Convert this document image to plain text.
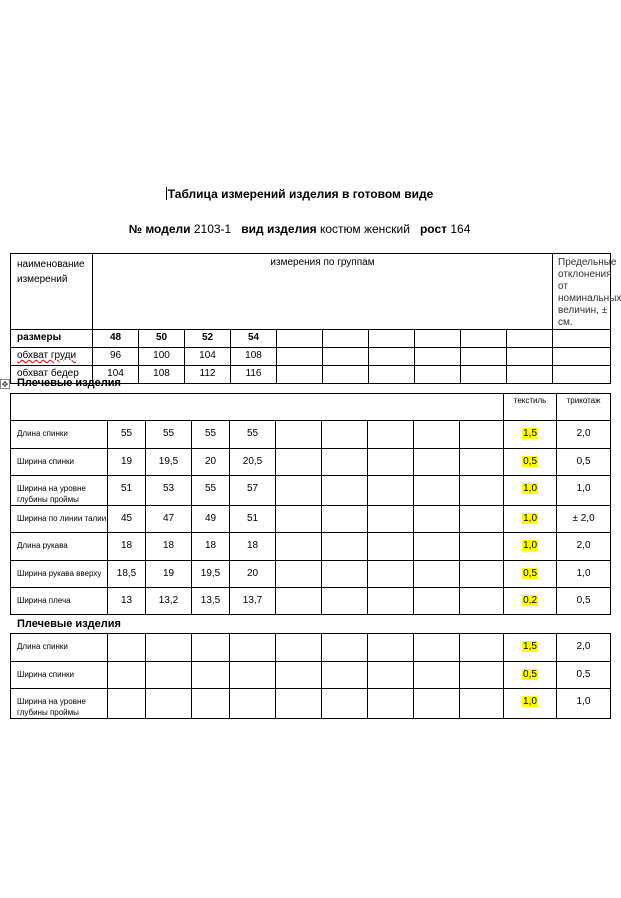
Таблица измерений изделия в готовом виде
№ модели 2103-1 вид изделия костюм женский рост 164
наименование измерений	измерения по группам										Предельные отклонения от номинальных величин, ± см.
размеры	48	50	52	54							
обхват груди	96	100	104	108							
обхват бедер	104	108	112	116							
✥ Плечевые изделия
										текстиль	трикотаж
Длина спинки	55	55	55	55						1,5	2,0
Ширина спинки	19	19,5	20	20,5						0,5	0,5
Ширина на уровне глубины проймы	51	53	55	57						1,0	1,0
Ширина по линии талии	45	47	49	51						1,0	± 2,0
Длина рукава	18	18	18	18						1,0	2,0
Ширина рукава вверху	18,5	19	19,5	20						0,5	1,0
Ширина плеча	13	13,2	13,5	13,7						0,2	0,5
Плечевые изделия
Длина спинки										1,5	2,0
Ширина спинки										0,5	0,5
Ширина на уровне глубины проймы										1,0	1,0
